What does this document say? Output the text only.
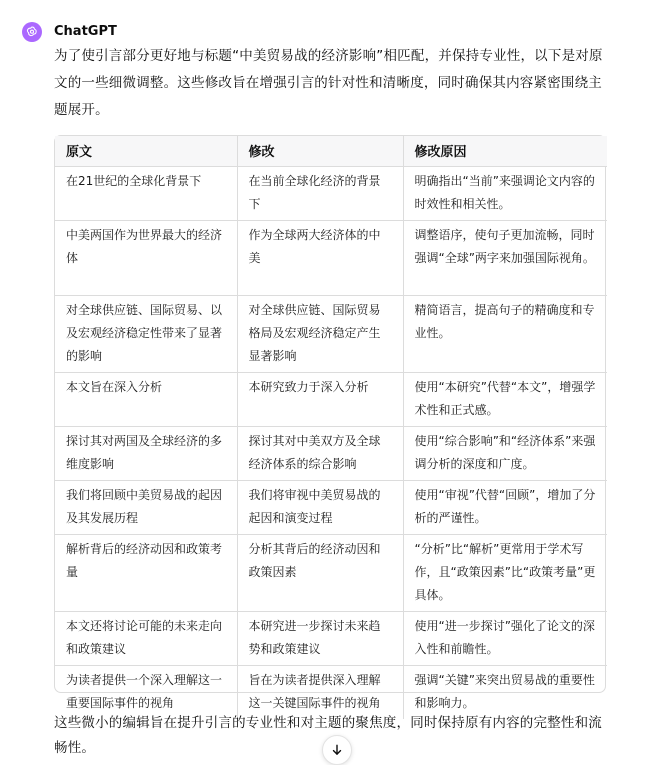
ChatGPT
为了使引言部分更好地与标题“中美贸易战的经济影响”相匹配，并保持专业性，以下是对原文的一些细微调整。这些修改旨在增强引言的针对性和清晰度，同时确保其内容紧密围绕主题展开。
原文	修改	修改原因
在21世纪的全球化背景下	在当前全球化经济的背景下	明确指出“当前”来强调论文内容的时效性和相关性。
中美两国作为世界最大的经济体	作为全球两大经济体的中美	调整语序，使句子更加流畅，同时强调“全球”两字来加强国际视角。
对全球供应链、国际贸易、以及宏观经济稳定性带来了显著的影响	对全球供应链、国际贸易格局及宏观经济稳定产生显著影响	精简语言，提高句子的精确度和专业性。
本文旨在深入分析	本研究致力于深入分析	使用“本研究”代替“本文”，增强学术性和正式感。
探讨其对两国及全球经济的多维度影响	探讨其对中美双方及全球经济体系的综合影响	使用“综合影响”和“经济体系”来强调分析的深度和广度。
我们将回顾中美贸易战的起因及其发展历程	我们将审视中美贸易战的起因和演变过程	使用“审视”代替“回顾”，增加了分析的严谨性。
解析背后的经济动因和政策考量	分析其背后的经济动因和政策因素	“分析”比“解析”更常用于学术写作，且“政策因素”比“政策考量”更具体。
本文还将讨论可能的未来走向和政策建议	本研究进一步探讨未来趋势和政策建议	使用“进一步探讨”强化了论文的深入性和前瞻性。
为读者提供一个深入理解这一重要国际事件的视角	旨在为读者提供深入理解这一关键国际事件的视角	强调“关键”来突出贸易战的重要性和影响力。
这些微小的编辑旨在提升引言的专业性和对主题的聚焦度，同时保持原有内容的完整性和流畅性。
